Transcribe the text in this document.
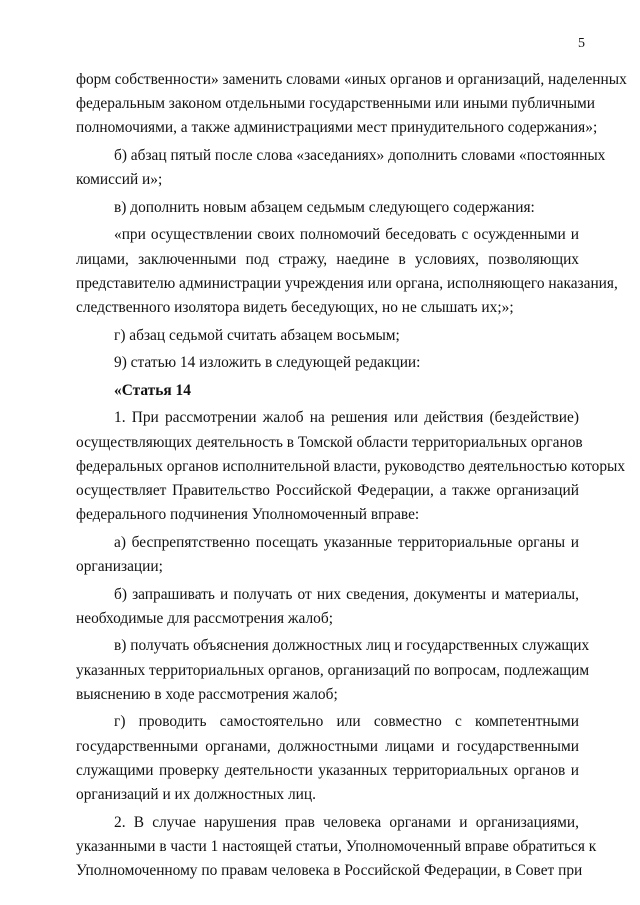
5

форм собственности» заменить словами «иных органов и организаций, наделенных
федеральным законом отдельными государственными или иными публичными
полномочиями, а также администрациями мест принудительного содержания»;

б) абзац пятый после слова «заседаниях» дополнить словами «постоянных
комиссий и»;

в) дополнить новым абзацем седьмым следующего содержания:

«при осуществлении своих полномочий беседовать с осужденными и
лицами, заключенными под стражу, наедине в условиях, позволяющих
представителю администрации учреждения или органа, исполняющего наказания,
следственного изолятора видеть беседующих, но не слышать их;»;

г) абзац седьмой считать абзацем восьмым;

9) статью 14 изложить в следующей редакции:

«Статья 14

1. При рассмотрении жалоб на решения или действия (бездействие)
осуществляющих деятельность в Томской области территориальных органов
федеральных органов исполнительной власти, руководство деятельностью которых
осуществляет Правительство Российской Федерации, а также организаций
федерального подчинения Уполномоченный вправе:

а) беспрепятственно посещать указанные территориальные органы и
организации;

б) запрашивать и получать от них сведения, документы и материалы,
необходимые для рассмотрения жалоб;

в) получать объяснения должностных лиц и государственных служащих
указанных территориальных органов, организаций по вопросам, подлежащим
выяснению в ходе рассмотрения жалоб;

г) проводить самостоятельно или совместно с компетентными
государственными органами, должностными лицами и государственными
служащими проверку деятельности указанных территориальных органов и
организаций и их должностных лиц.

2. В случае нарушения прав человека органами и организациями,
указанными в части 1 настоящей статьи, Уполномоченный вправе обратиться к
Уполномоченному по правам человека в Российской Федерации, в Совет при
